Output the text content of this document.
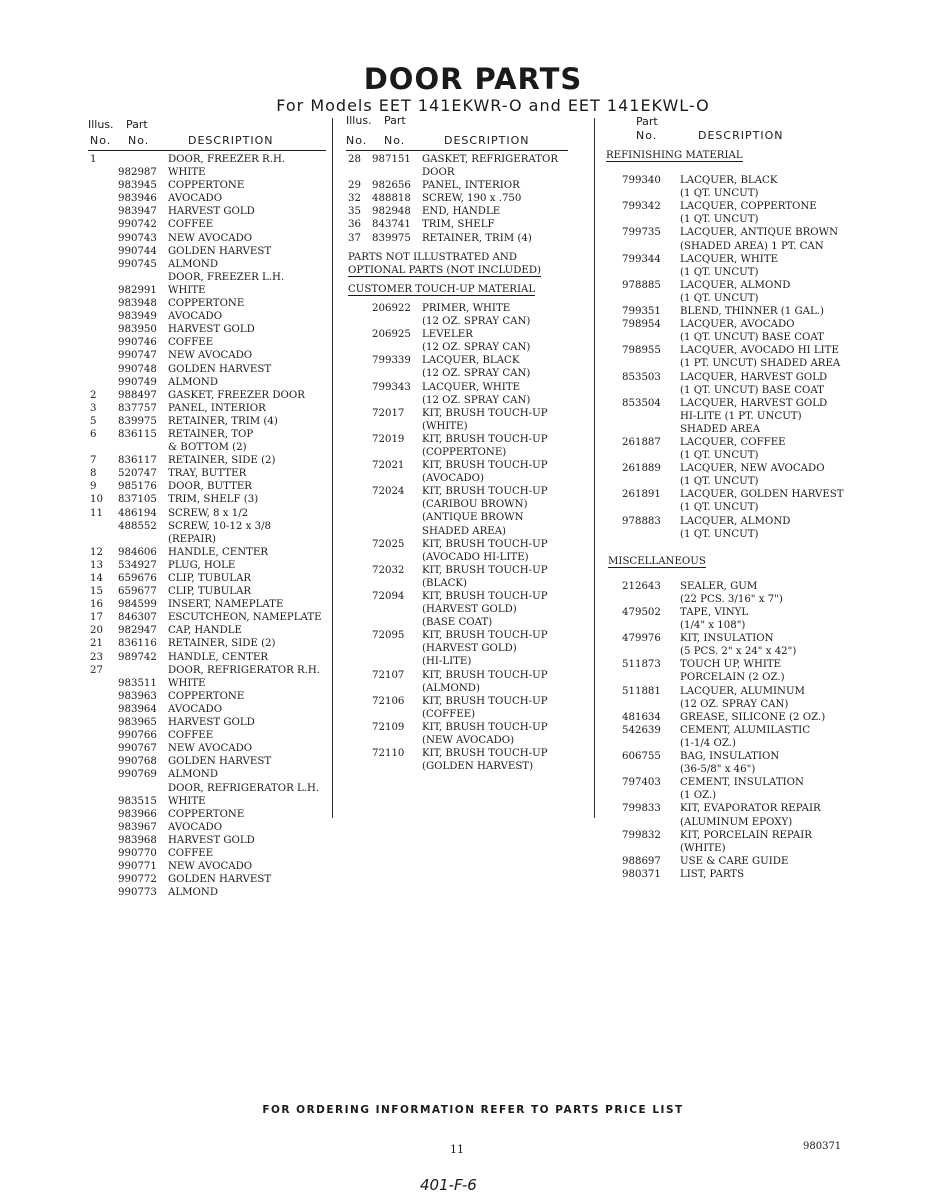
DOOR PARTS
For Models EET 141EKWR-O and EET 141EKWL-O
Illus. Part
No. No.	DESCRIPTION
1	DOOR, FREEZER R.H.
982987 WHITE
983945 COPPERTONE
983946 AVOCADO
983947 HARVEST GOLD
990742 COFFEE
990743 NEW AVOCADO
990744 GOLDEN HARVEST
990745 ALMOND
DOOR, FREEZER L.H.
982991 WHITE
983948 COPPERTONE
983949 AVOCADO
983950 HARVEST GOLD
990746 COFFEE
990747 NEW AVOCADO
990748 GOLDEN HARVEST
990749 ALMOND
2 988497 GASKET, FREEZER DOOR
3 837757 PANEL, INTERIOR
5 839975 RETAINER, TRIM (4)
6 836115 RETAINER, TOP
& BOTTOM (2)
7 836117 RETAINER, SIDE (2)
8 520747 TRAY, BUTTER
9 985176 DOOR, BUTTER
10 837105 TRIM, SHELF (3)
11 486194 SCREW, 8 x 1/2
488552 SCREW, 10-12 x 3/8
(REPAIR)
12 984606 HANDLE, CENTER
13 534927 PLUG, HOLE
14 659676 CLIP, TUBULAR
15 659677 CLIP, TUBULAR
16 984599 INSERT, NAMEPLATE
17 846307 ESCUTCHEON, NAMEPLATE
20 982947 CAP, HANDLE
21 836116 RETAINER, SIDE (2)
23 989742 HANDLE, CENTER
27	DOOR, REFRIGERATOR R.H.
983511 WHITE
983963 COPPERTONE
983964 AVOCADO
983965 HARVEST GOLD
990766 COFFEE
990767 NEW AVOCADO
990768 GOLDEN HARVEST
990769 ALMOND
DOOR, REFRIGERATOR L.H.
983515 WHITE
983966 COPPERTONE
983967 AVOCADO
983968 HARVEST GOLD
990770 COFFEE
990771 NEW AVOCADO
990772 GOLDEN HARVEST
990773 ALMOND
Illus. Part
No. No.	DESCRIPTION
28 987151 GASKET, REFRIGERATOR
DOOR
29 982656 PANEL, INTERIOR
32 488818 SCREW, 190 x .750
35 982948 END, HANDLE
36 843741 TRIM, SHELF
37 839975 RETAINER, TRIM (4)
PARTS NOT ILLUSTRATED AND
OPTIONAL PARTS (NOT INCLUDED)
CUSTOMER TOUCH-UP MATERIAL
206922 PRIMER, WHITE
(12 OZ. SPRAY CAN)
206925 LEVELER
(12 OZ. SPRAY CAN)
799339 LACQUER, BLACK
(12 OZ. SPRAY CAN)
799343 LACQUER, WHITE
(12 OZ. SPRAY CAN)
72017 KIT, BRUSH TOUCH-UP
(WHITE)
72019 KIT, BRUSH TOUCH-UP
(COPPERTONE)
72021 KIT, BRUSH TOUCH-UP
(AVOCADO)
72024 KIT, BRUSH TOUCH-UP
(CARIBOU BROWN)
(ANTIQUE BROWN
SHADED AREA)
72025 KIT, BRUSH TOUCH-UP
(AVOCADO HI-LITE)
72032 KIT, BRUSH TOUCH-UP
(BLACK)
72094 KIT, BRUSH TOUCH-UP
(HARVEST GOLD)
(BASE COAT)
72095 KIT, BRUSH TOUCH-UP
(HARVEST GOLD)
(HI-LITE)
72107 KIT, BRUSH TOUCH-UP
(ALMOND)
72106 KIT, BRUSH TOUCH-UP
(COFFEE)
72109 KIT, BRUSH TOUCH-UP
(NEW AVOCADO)
72110 KIT, BRUSH TOUCH-UP
(GOLDEN HARVEST)
Part
No.	DESCRIPTION
REFINISHING MATERIAL
799340 LACQUER, BLACK
(1 QT. UNCUT)
799342 LACQUER, COPPERTONE
(1 QT. UNCUT)
799735 LACQUER, ANTIQUE BROWN
(SHADED AREA) 1 PT. CAN
799344 LACQUER, WHITE
(1 QT. UNCUT)
978885 LACQUER, ALMOND
(1 QT. UNCUT)
799351 BLEND, THINNER (1 GAL.)
798954 LACQUER, AVOCADO
(1 QT. UNCUT) BASE COAT
798955 LACQUER, AVOCADO HI LITE
(1 PT. UNCUT) SHADED AREA
853503 LACQUER, HARVEST GOLD
(1 QT. UNCUT) BASE COAT
853504 LACQUER, HARVEST GOLD
HI-LITE (1 PT. UNCUT)
SHADED AREA
261887 LACQUER, COFFEE
(1 QT. UNCUT)
261889 LACQUER, NEW AVOCADO
(1 QT. UNCUT)
261891 LACQUER, GOLDEN HARVEST
(1 QT. UNCUT)
978883 LACQUER, ALMOND
(1 QT. UNCUT)
MISCELLANEOUS
212643 SEALER, GUM
(22 PCS. 3/16" x 7")
479502 TAPE, VINYL
(1/4" x 108")
479976 KIT, INSULATION
(5 PCS. 2" x 24" x 42")
511873 TOUCH UP, WHITE
PORCELAIN (2 OZ.)
511881 LACQUER, ALUMINUM
(12 OZ. SPRAY CAN)
481634 GREASE, SILICONE (2 OZ.)
542639 CEMENT, ALUMILASTIC
(1-1/4 OZ.)
606755 BAG, INSULATION
(36-5/8" x 46")
797403 CEMENT, INSULATION
(1 OZ.)
799833 KIT, EVAPORATOR REPAIR
(ALUMINUM EPOXY)
799832 KIT, PORCELAIN REPAIR
(WHITE)
988697 USE & CARE GUIDE
980371 LIST, PARTS
FOR ORDERING INFORMATION REFER TO PARTS PRICE LIST
11	980371
401-F-6
